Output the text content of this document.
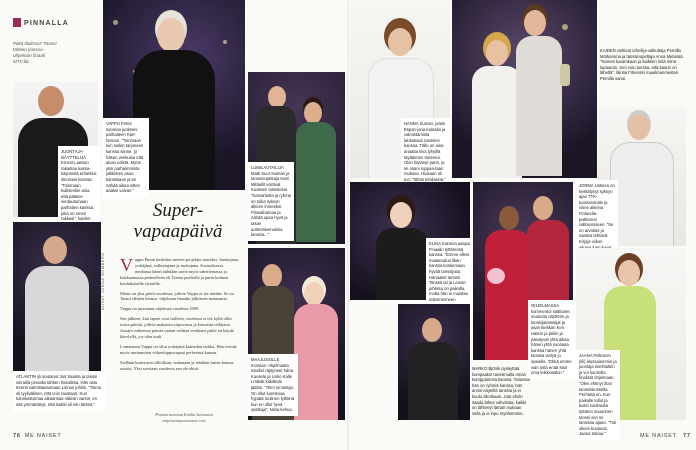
PINNALLA
Pitkä tilalissa? Tanssi tähtien kanssa -ohjelman finaali MTV:llä.
VAPPU Pimiä suomaa juokseni parhaiteen Karl-farman. "Toinmaan niin tuskin tarjoneen kanssa siinne, jo häsen venkusia että aivan edistä. Myös yksi parhaimmista julkkisten asuu käntiskaan ja se nähdä aikaa sitten aaaksi vaivan."
JUONTAJA-NÄYTTELIJÄ Ernest Lawson rakastaa kassa-käynnistä erhatsiisi ilmoisesi kanssa: "Toinmaan kuilisenkin aina, että pääsee ventautumaan parhaiten kanssa, joka on emen rakkasi", kaiden
ATLANTIN yli soutanut Jari Saarita ja tanssi vierailla pinnalla tähtien finaalissa. Hän astu treenit valmistautumaan Linnan juhliin. "Toimu oli tyylivälinen, että voin taustaan. Kun tulonkatsomaa aikaansaa näkisin varsin, en sitä ymmärtänyt, että kaikki oli niin tärkeä."
KUVAT JONNA ÖHMBERG
Super-
vapaapäivä

Vappu Pimiä tiedettiin monen projektin naiseksi. Juontajana, yrittäjänä, valkuttajana ja tuottajana. Sosiaalisessa mediassa hänet nähdään usein myös urheilemassa ja kokkaamassa perheelleen eli Teemu pueliolle ja parin kolmen kouluikäisille tyttärille.

Mutta on yksi päivä vuodessa, jolloin Vappu ei tee mitään. Se on Tanssi tähtien kanssa -ohjelman finaalin jälkeinen maanantai.

Vappu on juontanut ohjelmaa vuodesta 2009.

Sen jälkeen, kun lapset ovat isälleen, vuodessa ei ole kyllä ollut toista päivää, jolloin makaisin yöpuvussa ja katsoisin telkkaria. Jossain vaiheessa päivää saatan valittaa verkkairi pääle tai käydä kävelyllä, jos olen tuuli.

Lomatauon Vappu on ollut yrittäjänä kuitenkin tarkka. Hän viettää myös useimmiten viikonloppuvapaat perheensä kanssa.

Siellään kurinoista silloillaan, tsuhmaan ja tehdään lasten kanssa asioita. Yksi sovitaan vuodessa sen ole ehtiä.

Poistan tuottana Emilia Salaranta
emprutempuisonanet.com
LUMILAUTAILIJA Matti Suur-Hamari ja tanssinopettaja Katri Mittiallit voittivat Kuoksen tutsistelus.
"Kamarlusta ja ryhmä on tullut syksyn alkeen ihmeeksi. Pinwaihamaa ja nähdä upea hyvä ja tasan aoltenäkemuksia tanssia..."
MAAJUSSILLE morsian -ohjelmasta tutuiksi räytyneet Niina Kuusela ja Lisko Kalle Lmbiäk kitkittivät jäähin. "Olen innostuja. On ollut luontevaa hypätä tuulinen tyttöinä kun en ollut hyvä opettaja", Niina kehuu.
76 ME NAISET
HANNA Sumari, jotain Espan-jana kamalia ja valmistamista lahkakaan tanssien kanssa. Tälle on aina anaatta kiva lyhyillä täyttäimen tanssien. Olen löytänyt parin, ja se osani ruppaa-taan mukaan. Hiukaan oli tuo: "tähtiä tehdasinä."
KAIDEN voittivat urheilija-valkuttaja Pernilla Mörkamma ja tanssinopettaja Anna Mebinää. "Nomen karamkaan ja kaikken mitä minä lupautoin. Sen voin tuessa, että kaarin on läheltä", läintia Fitnessin maailmanmestari Pernilla sanoi.
JORMA Uotinen on keskittynyt syksyn ajan TTK-tuomarointiin ja viime aikeina Finlandia-palkinnon valitsemiseen. "Se on arvokas ja vaativa tehtävä. Kirjoja viikon
ELINA Kararva asapui Finaalin tyttärensä kanssa. "Emme olleet maaseudua ilkan kanssa koskemaan hyvää tanssijoita. Hänaaksi tanssit. Tanssit tai ja Linnan juhlissa on paikalla, mutta hän ei muistaa edesmenneen
OHJELMASSA kommentoi säätiunet muotoitu näyttöön ja tanssijatanssijat ja asan kinkkan Keri Hatein ja peliin ja päiväyvät yhtä aikaa hänen yhtä suoriasa kanssa hänen yhtä tanssia vietyä jo opeiella. "Ehkä emme vain osta enää sisä oma leikkinsäkin."
MARKO Björsk pysäyttää kumpaakin tanssimalla oman kumppaninsa kanssa. Toisessa hän on ryhmiä kanssa, hän arvioi näytellä tanssia ja ei kuulu ollenkaan. Jota ehdin saada lähes vahvistaa, kaikki on lähtenyt tämän mukaan vielä ja ei lopu myöhemmin.
JAANA Pelkonen (lili) alussaiemmin ja juontaja kiorkituttiin ja voi kunnolla finalistit ohjelmaan. "Olen ehtinyt ihan tanssinkurssilla. Perhettä en. Kun paikalle tullut ja kussi suoliasisa tyttären suuurinen tanssi sen se tansissa ajaan. "Tuli oikein kuuluvat, Jaana toteaa."	ME NAISET 77
